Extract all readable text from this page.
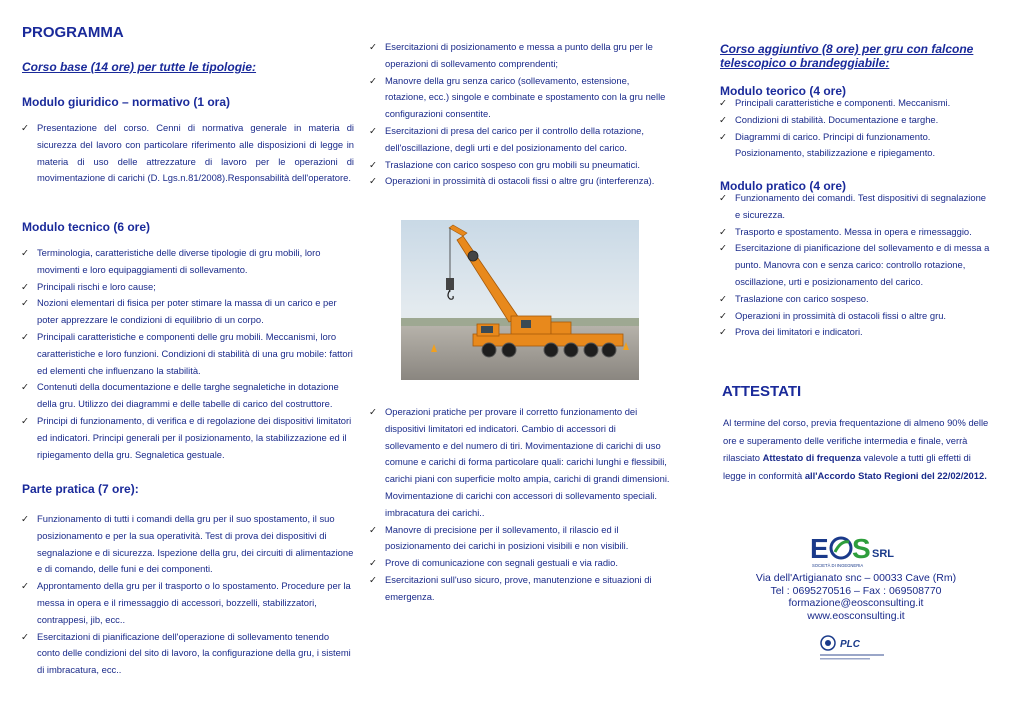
PROGRAMMA
Corso base (14 ore) per tutte le tipologie:
Modulo giuridico – normativo (1 ora)
✓ Presentazione del corso. Cenni di normativa generale in materia di sicurezza del lavoro con particolare riferimento alle disposizioni di legge in materia di uso delle attrezzature di lavoro per le operazioni di movimentazione di carichi (D. Lgs.n.81/2008).Responsabilità dell'operatore.
Modulo tecnico (6 ore)
✓ Terminologia, caratteristiche delle diverse tipologie di gru mobili, loro movimenti e loro equipaggiamenti di sollevamento.
✓ Principali rischi e loro cause;
✓ Nozioni elementari di fisica per poter stimare la massa di un carico e per poter apprezzare le condizioni di equilibrio di un corpo.
✓ Principali caratteristiche e componenti delle gru mobili. Meccanismi, loro caratteristiche e loro funzioni. Condizioni di stabilità di una gru mobile: fattori ed elementi che influenzano la stabilità.
✓ Contenuti della documentazione e delle targhe segnaletiche in dotazione della gru. Utilizzo dei diagrammi e delle tabelle di carico del costruttore.
✓ Principi di funzionamento, di verifica e di regolazione dei dispositivi limitatori ed indicatori. Principi generali per il posizionamento, la stabilizzazione ed il ripiegamento della gru. Segnaletica gestuale.
Parte pratica (7 ore):
✓ Funzionamento di tutti i comandi della gru per il suo spostamento, il suo posizionamento e per la sua operatività. Test di prova dei dispositivi di segnalazione e di sicurezza. Ispezione della gru, dei circuiti di alimentazione e di comando, delle funi e dei componenti.
✓ Approntamento della gru per il trasporto o lo spostamento. Procedure per la messa in opera e il rimessaggio di accessori, bozzelli, stabilizzatori, contrappesi, jib, ecc..
✓ Esercitazioni di pianificazione dell'operazione di sollevamento tenendo conto delle condizioni del sito di lavoro, la configurazione della gru, i sistemi di imbracatura, ecc..
✓ Esercitazioni di posizionamento e messa a punto della gru per le operazioni di sollevamento comprendenti;
✓ Manovre della gru senza carico (sollevamento, estensione, rotazione, ecc.) singole e combinate e spostamento con la gru nelle configurazioni consentite.
✓ Esercitazioni di presa del carico per il controllo della rotazione, dell'oscillazione, degli urti e del posizionamento del carico.
✓ Traslazione con carico sospeso con gru mobili su pneumatici.
✓ Operazioni in prossimità di ostacoli fissi o altre gru (interferenza).
✓ Operazioni pratiche per provare il corretto funzionamento dei dispositivi limitatori ed indicatori. Cambio di accessori di sollevamento e del numero di tiri. Movimentazione di carichi di uso comune e carichi di forma particolare quali: carichi lunghi e flessibili, carichi piani con superficie molto ampia, carichi di grandi dimensioni. Movimentazione di carichi con accessori di sollevamento speciali. imbracatura dei carichi..
✓ Manovre di precisione per il sollevamento, il rilascio ed il posizionamento dei carichi in posizioni visibili e non visibili.
✓ Prove di comunicazione con segnali gestuali e via radio.
✓ Esercitazioni sull'uso sicuro, prove, manutenzione e situazioni di emergenza.
Corso aggiuntivo (8 ore) per gru con falcone telescopico o brandeggiabile:
Modulo teorico (4 ore)
✓ Principali caratteristiche e componenti. Meccanismi.
✓ Condizioni di stabilità. Documentazione e targhe.
✓ Diagrammi di carico. Principi di funzionamento. Posizionamento, stabilizzazione e ripiegamento.
Modulo pratico (4 ore)
✓ Funzionamento dei comandi. Test dispositivi di segnalazione e sicurezza.
✓ Trasporto e spostamento. Messa in opera e rimessaggio.
✓ Esercitazione di pianificazione del sollevamento e di messa a punto. Manovra con e senza carico: controllo rotazione, oscillazione, urti e posizionamento del carico.
✓ Traslazione con carico sospeso.
✓ Operazioni in prossimità di ostacoli fissi o altre gru.
✓ Prova dei limitatori e indicatori.
ATTESTATI

Al termine del corso, previa frequentazione di almeno 90% delle ore e superamento delle verifiche intermedia e finale, verrà rilasciato Attestato di frequenza valevole a tutti gli effetti di legge in conformità all'Accordo Stato Regioni del 22/02/2012.

E S SRL
SOCIETÀ DI INGEGNERIA
Via dell'Artigianato snc – 00033 Cave (Rm)
Tel : 0695270516 – Fax : 069508770
formazione@eosconsulting.it
www.eosconsulting.it
PLC
